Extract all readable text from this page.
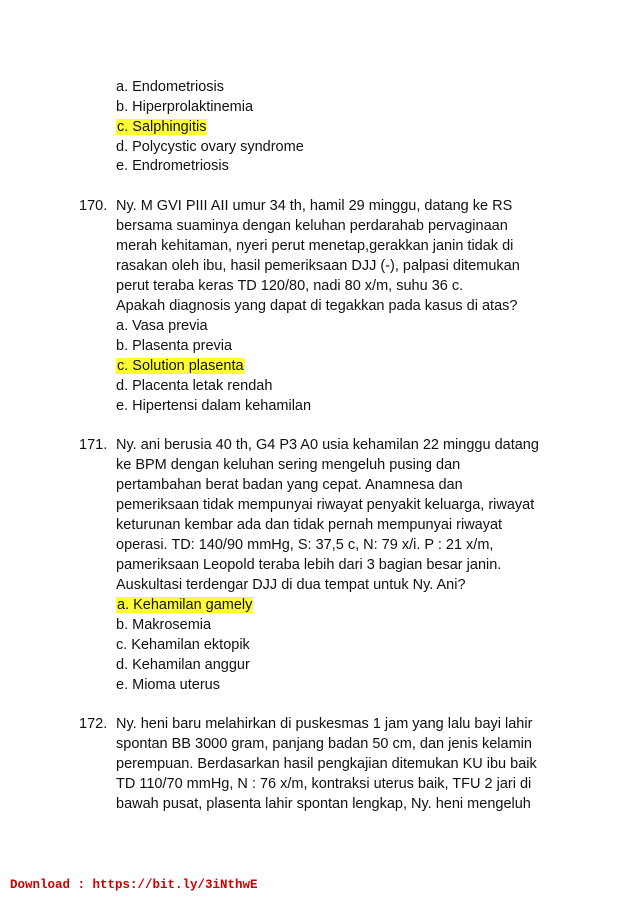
a. Endometriosis
b. Hiperprolaktinemia
c. Salphingitis
d. Polycystic ovary syndrome
e. Endrometriosis
170. Ny. M GVI PIII AII umur 34 th, hamil 29 minggu, datang ke RS
bersama suaminya dengan keluhan perdarahab pervaginaan
merah kehitaman, nyeri perut menetap,gerakkan janin tidak di
rasakan oleh ibu, hasil pemeriksaan DJJ (-), palpasi ditemukan
perut teraba keras TD 120/80, nadi 80 x/m, suhu 36 c.
Apakah diagnosis yang dapat di tegakkan pada kasus di atas?
a. Vasa previa
b. Plasenta previa
c. Solution plasenta
d. Placenta letak rendah
e. Hipertensi dalam kehamilan
171. Ny. ani berusia 40 th, G4 P3 A0 usia kehamilan 22 minggu datang
ke BPM dengan keluhan sering mengeluh pusing dan
pertambahan berat badan yang cepat. Anamnesa dan
pemeriksaan tidak mempunyai riwayat penyakit keluarga, riwayat
keturunan kembar ada dan tidak pernah mempunyai riwayat
operasi. TD: 140/90 mmHg, S: 37,5 c, N: 79 x/i. P : 21 x/m,
pameriksaan Leopold teraba lebih dari 3 bagian besar janin.
Auskultasi terdengar DJJ di dua tempat untuk Ny. Ani?
a. Kehamilan gamely
b. Makrosemia
c. Kehamilan ektopik
d. Kehamilan anggur
e. Mioma uterus
172. Ny. heni baru melahirkan di puskesmas 1 jam yang lalu bayi lahir
spontan BB 3000 gram, panjang badan 50 cm, dan jenis kelamin
perempuan. Berdasarkan hasil pengkajian ditemukan KU ibu baik
TD 110/70 mmHg, N : 76 x/m, kontraksi uterus baik, TFU 2 jari di
bawah pusat, plasenta lahir spontan lengkap, Ny. heni mengeluh
Download : https://bit.ly/3iNthwE
